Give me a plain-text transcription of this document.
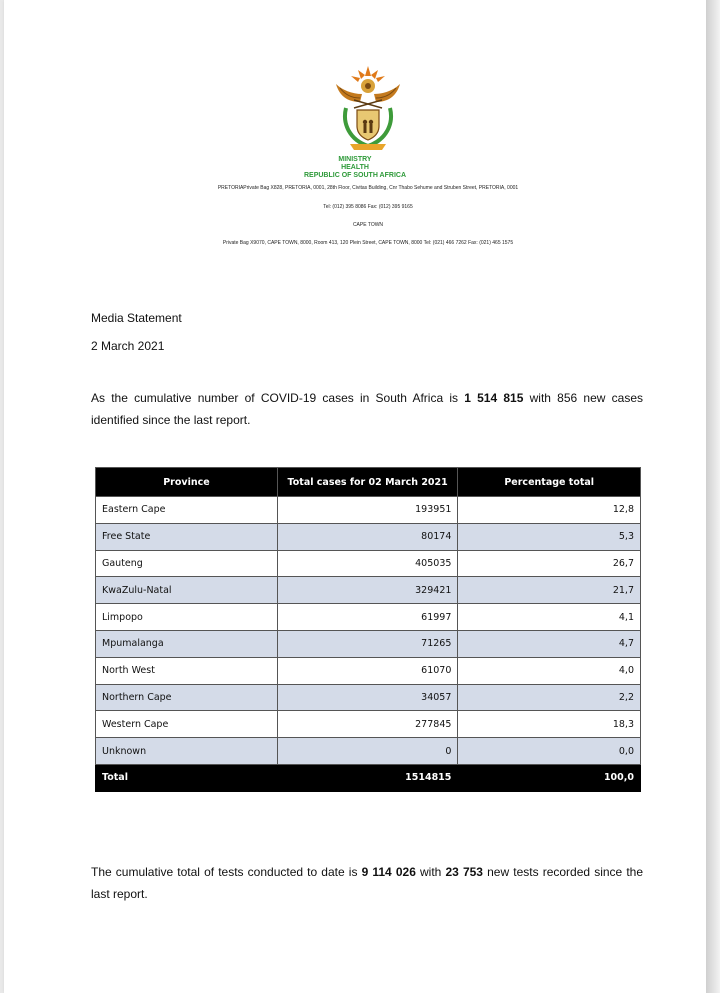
MINISTRY
HEALTH
REPUBLIC OF SOUTH AFRICA
PRETORIAPrivate Bag X828, PRETORIA, 0001, 28th Floor, Civitas Building, Cnr Thabo Sehume and Struben Street, PRETORIA, 0001
Tel: (012) 395 8086 Fax: (012) 395 9165
CAPE TOWN
Private Bag X9070, CAPE TOWN, 8000, Room 413, 120 Plein Street, CAPE TOWN, 8000 Tel: (021) 466 7262 Fax: (021) 465 1575
Media Statement
2 March 2021
As the cumulative number of COVID-19 cases in South Africa is 1 514 815 with 856 new cases identified since the last report.
Province	Total cases for 02 March 2021	Percentage total
Eastern Cape	193951	12,8
Free State	80174	5,3
Gauteng	405035	26,7
KwaZulu-Natal	329421	21,7
Limpopo	61997	4,1
Mpumalanga	71265	4,7
North West	61070	4,0
Northern Cape	34057	2,2
Western Cape	277845	18,3
Unknown	0	0,0
Total	1514815	100,0
The cumulative total of tests conducted to date is 9 114 026 with 23 753 new tests recorded since the last report.
